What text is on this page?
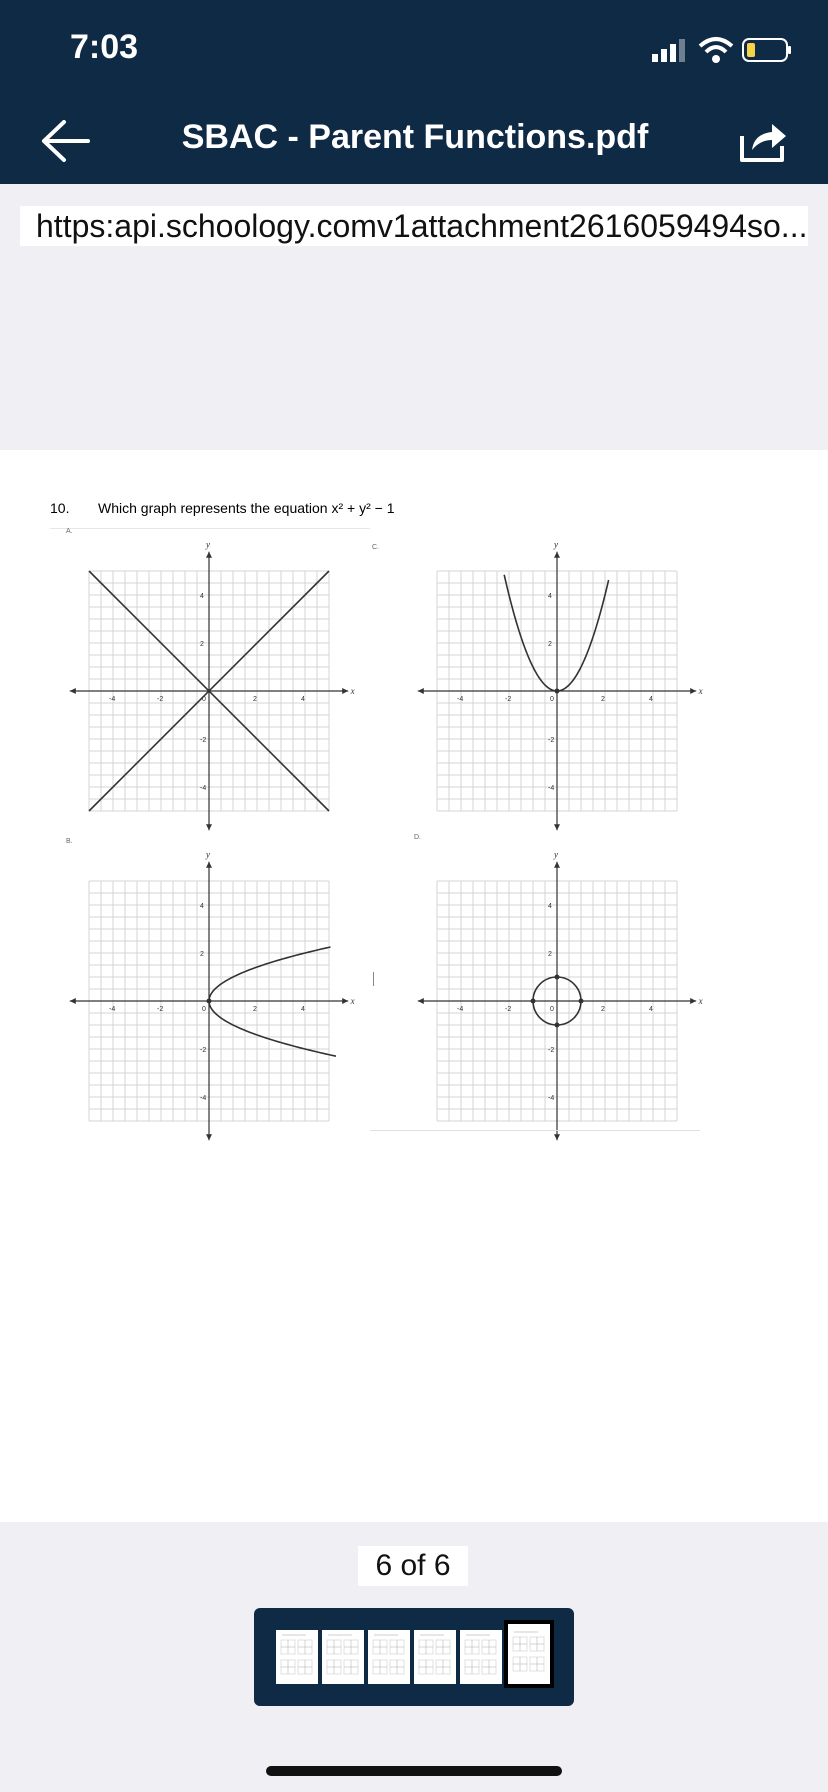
7:03
SBAC - Parent Functions.pdf
https:api.schoology.comv1attachment2616059494so...
10. Which graph represents the equation x² + y² − 1
A.
C.
B.
D.
x
y
-4
-4
-2
-2
2
2
4
4
0
x
y
-4
-4
-2
-2
2
2
4
4
0
x
y
-4
-4
-2
-2
2
2
4
4
0
x
y
-4
-4
-2
-2
2
2
4
4
0
6 of 6
